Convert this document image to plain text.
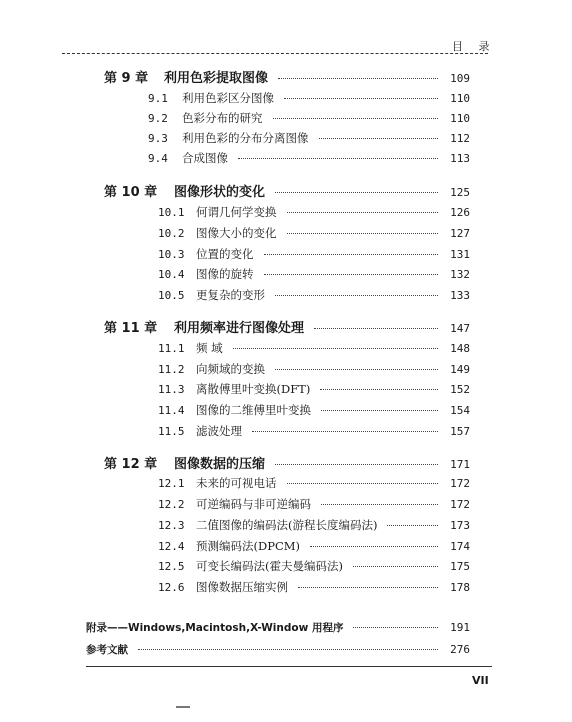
目 录
第 9 章	利用色彩提取图像	109
9.1	利用色彩区分图像	110
9.2	色彩分布的研究	110
9.3	利用色彩的分布分离图像	112
9.4	合成图像	113
第 10 章	图像形状的变化	125
10.1	何谓几何学变换	126
10.2	图像大小的变化	127
10.3	位置的变化	131
10.4	图像的旋转	132
10.5	更复杂的变形	133
第 11 章	利用频率进行图像处理	147
11.1	频 域	148
11.2	向频域的变换	149
11.3	离散傅里叶变换(DFT)	152
11.4	图像的二维傅里叶变换	154
11.5	滤波处理	157
第 12 章	图像数据的压缩	171
12.1	未来的可视电话	172
12.2	可逆编码与非可逆编码	172
12.3	二值图像的编码法(游程长度编码法)	173
12.4	预测编码法(DPCM)	174
12.5	可变长编码法(霍夫曼编码法)	175
12.6	图像数据压缩实例	178
附录——Windows,Macintosh,X-Window 用程序	191
参考文献	276
VII
